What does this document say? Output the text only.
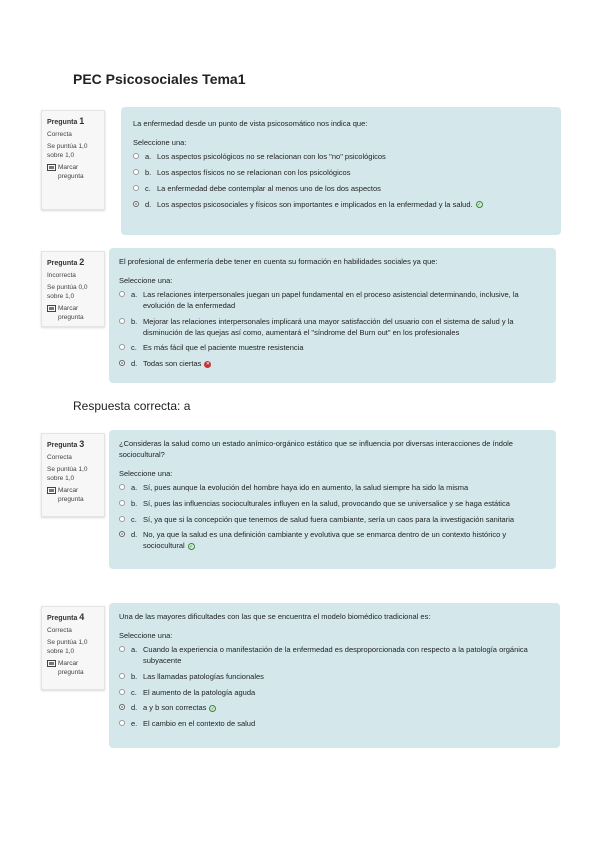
PEC Psicosociales Tema1
Pregunta 1
Correcta
Se puntúa 1,0 sobre 1,0
Marcar pregunta
La enfermedad desde un punto de vista psicosomático nos indica que:
Seleccione una:
a. Los aspectos psicológicos no se relacionan con los "no" psicológicos
b. Los aspectos físicos no se relacionan con los psicológicos
c. La enfermedad debe contemplar al menos uno de los dos aspectos
d. Los aspectos psicosociales y físicos son importantes e implicados en la enfermedad y la salud. ✓
Pregunta 2
Incorrecta
Se puntúa 0,0 sobre 1,0
Marcar pregunta
El profesional de enfermería debe tener en cuenta su formación en habilidades sociales ya que:
Seleccione una:
a. Las relaciones interpersonales juegan un papel fundamental en el proceso asistencial determinando, inclusive, la evolución de la enfermedad
b. Mejorar las relaciones interpersonales implicará una mayor satisfacción del usuario con el sistema de salud y la disminución de las quejas así como, aumentará el "síndrome del Burn out" en los profesionales
c. Es más fácil que el paciente muestre resistencia
d. Todas son ciertas ✕
Respuesta correcta: a
Pregunta 3
Correcta
Se puntúa 1,0 sobre 1,0
Marcar pregunta
¿Consideras la salud como un estado anímico-orgánico estático que se influencia por diversas interacciones de índole sociocultural?
Seleccione una:
a. Sí, pues aunque la evolución del hombre haya ido en aumento, la salud siempre ha sido la misma
b. Sí, pues las influencias socioculturales influyen en la salud, provocando que se universalice y se haga estática
c. Sí, ya que si la concepción que tenemos de salud fuera cambiante, sería un caos para la investigación sanitaria
d. No, ya que la salud es una definición cambiante y evolutiva que se enmarca dentro de un contexto histórico y sociocultural ✓
Pregunta 4
Correcta
Se puntúa 1,0 sobre 1,0
Marcar pregunta
Una de las mayores dificultades con las que se encuentra el modelo biomédico tradicional es:
Seleccione una:
a. Cuando la experiencia o manifestación de la enfermedad es desproporcionada con respecto a la patología orgánica subyacente
b. Las llamadas patologías funcionales
c. El aumento de la patología aguda
d. a y b son correctas ✓
e. El cambio en el contexto de salud
